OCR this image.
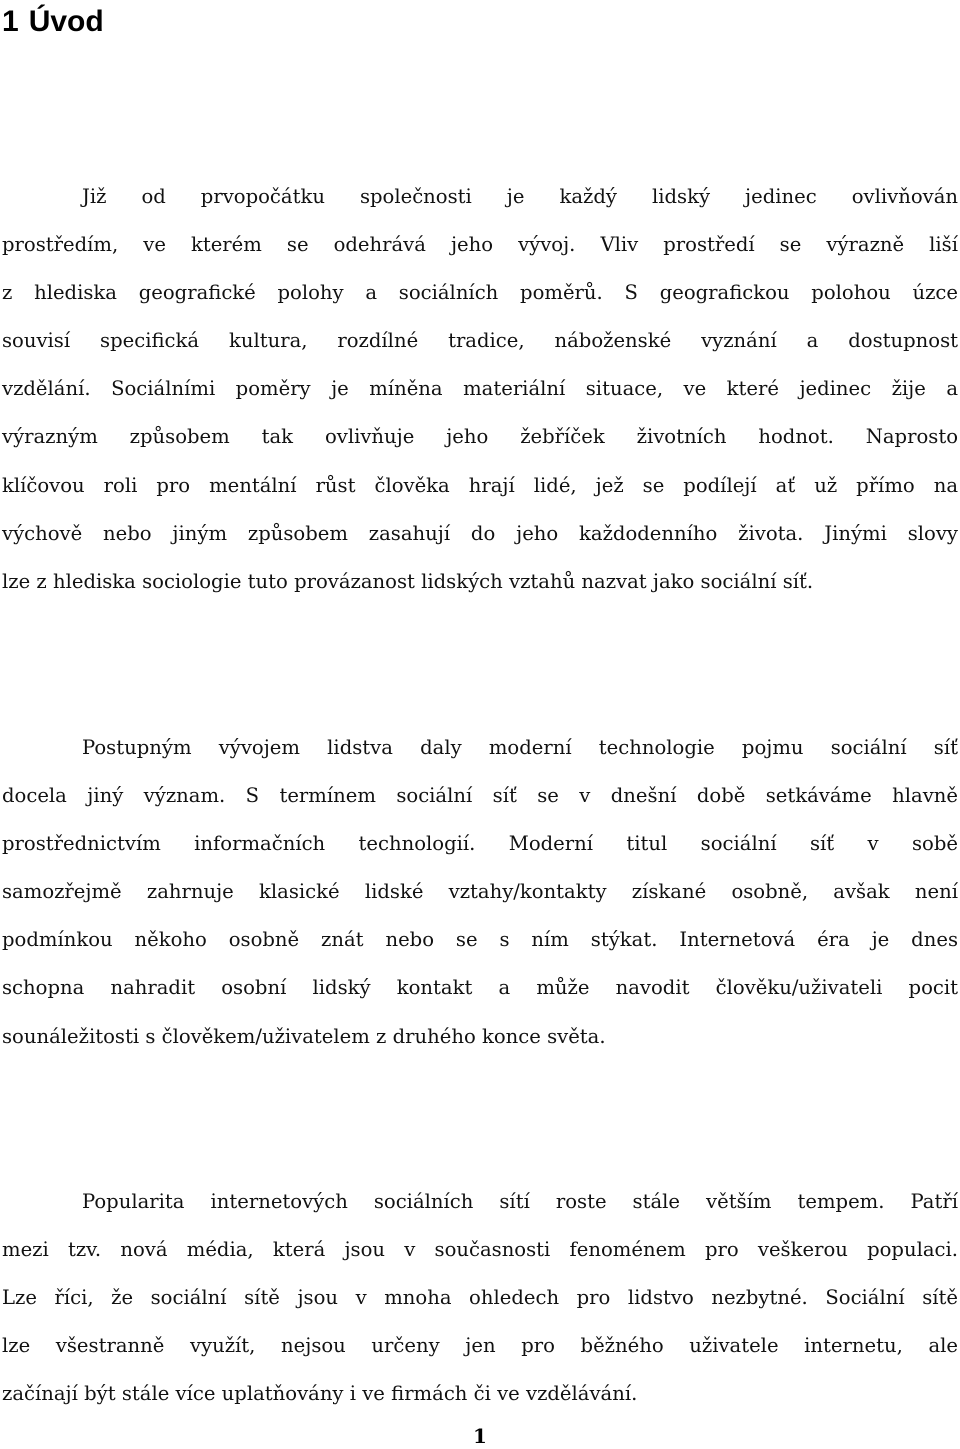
1 Úvod
Již od prvopočátku společnosti je každý lidský jedinec ovlivňován
prostředím, ve kterém se odehrává jeho vývoj. Vliv prostředí se výrazně liší
z hlediska geografické polohy a sociálních poměrů. S geografickou polohou úzce
souvisí specifická kultura, rozdílné tradice, náboženské vyznání a dostupnost
vzdělání. Sociálními poměry je míněna materiální situace, ve které jedinec žije a
výrazným způsobem tak ovlivňuje jeho žebříček životních hodnot. Naprosto
klíčovou roli pro mentální růst člověka hrají lidé, jež se podílejí ať už přímo na
výchově nebo jiným způsobem zasahují do jeho každodenního života. Jinými slovy
lze z hlediska sociologie tuto provázanost lidských vztahů nazvat jako sociální síť.
Postupným vývojem lidstva daly moderní technologie pojmu sociální síť
docela jiný význam. S termínem sociální síť se v dnešní době setkáváme hlavně
prostřednictvím informačních technologií. Moderní titul sociální síť v sobě
samozřejmě zahrnuje klasické lidské vztahy/kontakty získané osobně, avšak není
podmínkou někoho osobně znát nebo se s ním stýkat. Internetová éra je dnes
schopna nahradit osobní lidský kontakt a může navodit člověku/uživateli pocit
sounáležitosti s člověkem/uživatelem z druhého konce světa.
Popularita internetových sociálních sítí roste stále větším tempem. Patří
mezi tzv. nová média, která jsou v současnosti fenoménem pro veškerou populaci.
Lze říci, že sociální sítě jsou v mnoha ohledech pro lidstvo nezbytné. Sociální sítě
lze všestranně využít, nejsou určeny jen pro běžného uživatele internetu, ale
začínají být stále více uplatňovány i ve firmách či ve vzdělávání.
1
